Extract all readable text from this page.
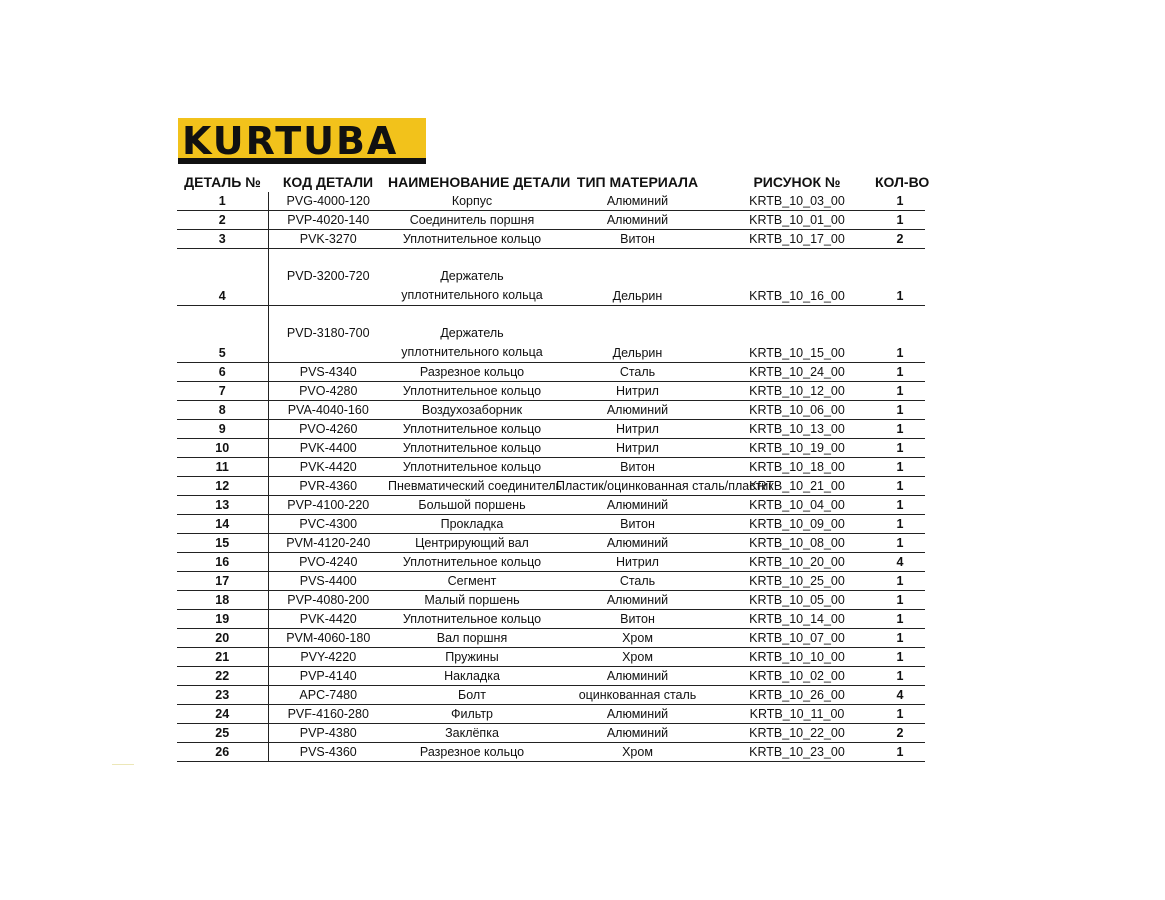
KURTUBA
ДЕТАЛЬ №	КОД ДЕТАЛИ	НАИМЕНОВАНИЕ ДЕТАЛИ	ТИП МАТЕРИАЛА	РИСУНОК №	КОЛ-ВО
1	PVG-4000-120	Корпус	Алюминий	KRTB_10_03_00	1
2	PVP-4020-140	Соединитель поршня	Алюминий	KRTB_10_01_00	1
3	PVK-3270	Уплотнительное кольцо	Витон	KRTB_10_17_00	2
4	PVD-3200-720	Держатель
уплотнительного кольца	Дельрин	KRTB_10_16_00	1
5	PVD-3180-700	Держатель
уплотнительного кольца	Дельрин	KRTB_10_15_00	1
6	PVS-4340	Разрезное кольцо	Сталь	KRTB_10_24_00	1
7	PVO-4280	Уплотнительное кольцо	Нитрил	KRTB_10_12_00	1
8	PVA-4040-160	Воздухозаборник	Алюминий	KRTB_10_06_00	1
9	PVO-4260	Уплотнительное кольцо	Нитрил	KRTB_10_13_00	1
10	PVK-4400	Уплотнительное кольцо	Нитрил	KRTB_10_19_00	1
11	PVK-4420	Уплотнительное кольцо	Витон	KRTB_10_18_00	1
12	PVR-4360	Пневматический соединитель	Пластик/оцинкованная сталь/пластик	KRTB_10_21_00	1
13	PVP-4100-220	Большой поршень	Алюминий	KRTB_10_04_00	1
14	PVC-4300	Прокладка	Витон	KRTB_10_09_00	1
15	PVM-4120-240	Центрирующий вал	Алюминий	KRTB_10_08_00	1
16	PVO-4240	Уплотнительное кольцо	Нитрил	KRTB_10_20_00	4
17	PVS-4400	Сегмент	Сталь	KRTB_10_25_00	1
18	PVP-4080-200	Малый поршень	Алюминий	KRTB_10_05_00	1
19	PVK-4420	Уплотнительное кольцо	Витон	KRTB_10_14_00	1
20	PVM-4060-180	Вал поршня	Хром	KRTB_10_07_00	1
21	PVY-4220	Пружины	Хром	KRTB_10_10_00	1
22	PVP-4140	Накладка	Алюминий	KRTB_10_02_00	1
23	APC-7480	Болт	оцинкованная сталь	KRTB_10_26_00	4
24	PVF-4160-280	Фильтр	Алюминий	KRTB_10_11_00	1
25	PVP-4380	Заклёпка	Алюминий	KRTB_10_22_00	2
26	PVS-4360	Разрезное кольцо	Хром	KRTB_10_23_00	1
